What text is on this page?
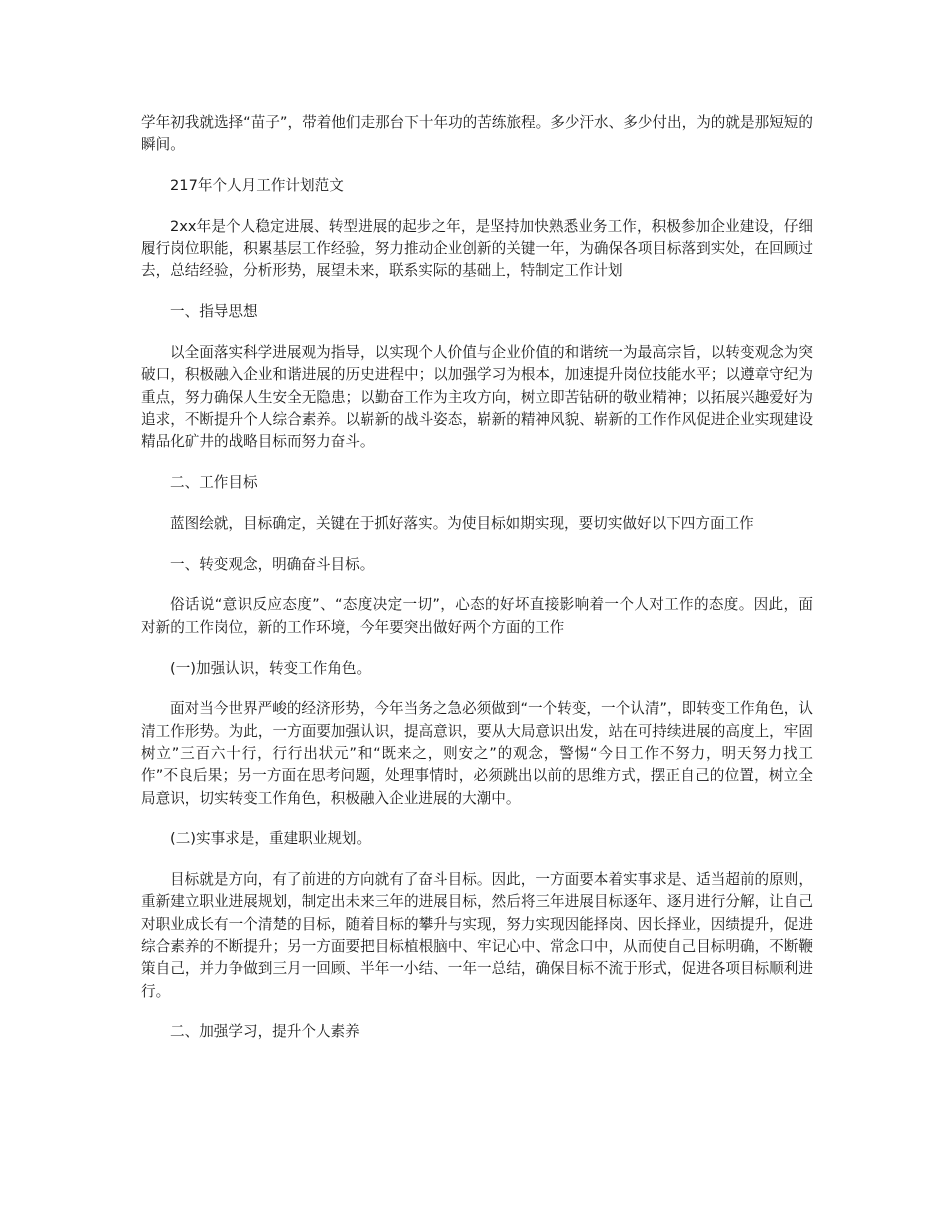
学年初我就选择“苗子”，带着他们走那台下十年功的苦练旅程。多少汗水、多少付出，为的就是那短短的瞬间。

217年个人月工作计划范文

2xx年是个人稳定进展、转型进展的起步之年，是坚持加快熟悉业务工作，积极参加企业建设，仔细履行岗位职能，积累基层工作经验，努力推动企业创新的关键一年，为确保各项目标落到实处，在回顾过去，总结经验，分析形势，展望未来，联系实际的基础上，特制定工作计划

一、指导思想

以全面落实科学进展观为指导，以实现个人价值与企业价值的和谐统一为最高宗旨，以转变观念为突破口，积极融入企业和谐进展的历史进程中；以加强学习为根本，加速提升岗位技能水平；以遵章守纪为重点，努力确保人生安全无隐患；以勤奋工作为主攻方向，树立即苦钻研的敬业精神；以拓展兴趣爱好为追求，不断提升个人综合素养。以崭新的战斗姿态，崭新的精神风貌、崭新的工作作风促进企业实现建设精品化矿井的战略目标而努力奋斗。

二、工作目标

蓝图绘就，目标确定，关键在于抓好落实。为使目标如期实现，要切实做好以下四方面工作

一、转变观念，明确奋斗目标。

俗话说“意识反应态度”、“态度决定一切”，心态的好坏直接影响着一个人对工作的态度。因此，面对新的工作岗位，新的工作环境，今年要突出做好两个方面的工作

(一)加强认识，转变工作角色。

面对当今世界严峻的经济形势，今年当务之急必须做到“一个转变，一个认清”，即转变工作角色，认清工作形势。为此，一方面要加强认识，提高意识，要从大局意识出发，站在可持续进展的高度上，牢固树立”三百六十行，行行出状元”和“既来之，则安之”的观念，警惕“今日工作不努力，明天努力找工作”不良后果；另一方面在思考问题，处理事情时，必须跳出以前的思维方式，摆正自己的位置，树立全局意识，切实转变工作角色，积极融入企业进展的大潮中。

(二)实事求是，重建职业规划。

目标就是方向，有了前进的方向就有了奋斗目标。因此，一方面要本着实事求是、适当超前的原则，重新建立职业进展规划，制定出未来三年的进展目标，然后将三年进展目标逐年、逐月进行分解，让自己对职业成长有一个清楚的目标，随着目标的攀升与实现，努力实现因能择岗、因长择业，因绩提升，促进综合素养的不断提升；另一方面要把目标植根脑中、牢记心中、常念口中，从而使自己目标明确，不断鞭策自己，并力争做到三月一回顾、半年一小结、一年一总结，确保目标不流于形式，促进各项目标顺利进行。

二、加强学习，提升个人素养
